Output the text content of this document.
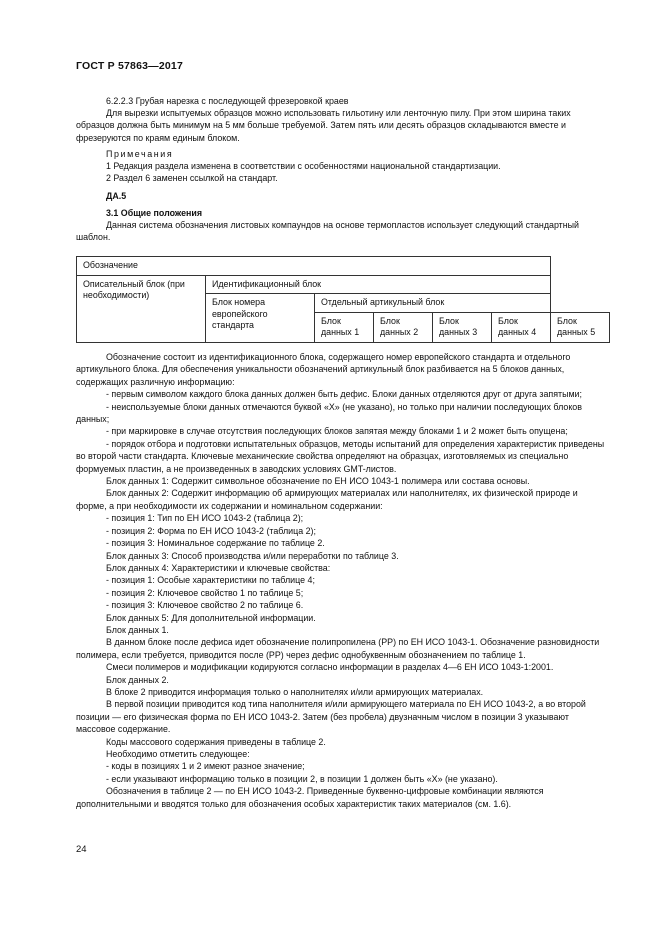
ГОСТ Р 57863—2017

6.2.2.3 Грубая нарезка с последующей фрезеровкой краев

Для вырезки испытуемых образцов можно использовать гильотину или ленточную пилу. При этом ширина таких образцов должна быть минимум на 5 мм больше требуемой. Затем пять или десять образцов складываются вместе и фрезеруются по краям единым блоком.

Примечания

1 Редакция раздела изменена в соответствии с особенностями национальной стандартизации.

2 Раздел 6 заменен ссылкой на стандарт.

ДА.5

3.1 Общие положения

Данная система обозначения листовых компаундов на основе термопластов использует следующий стандартный шаблон.

Обозначение						
Описательный блок (при необходимости)	Идентификационный блок					
	Блок номера европейского стандарта	Отдельный артикульный блок				
		Блок данных 1	Блок данных 2	Блок данных 3	Блок данных 4	Блок данных 5

Обозначение состоит из идентификационного блока, содержащего номер европейского стандарта и отдельного артикульного блока. Для обеспечения уникальности обозначений артикульный блок разбивается на 5 блоков данных, содержащих различную информацию:

- первым символом каждого блока данных должен быть дефис. Блоки данных отделяются друг от друга запятыми;

- неиспользуемые блоки данных отмечаются буквой «X» (не указано), но только при наличии последующих блоков данных;

- при маркировке в случае отсутствия последующих блоков запятая между блоками 1 и 2 может быть опущена;

- порядок отбора и подготовки испытательных образцов, методы испытаний для определения характеристик приведены во второй части стандарта. Ключевые механические свойства определяют на образцах, изготовляемых из специально формуемых пластин, а не произведенных в заводских условиях GMT-листов.

Блок данных 1: Содержит символьное обозначение по ЕН ИСО 1043-1 полимера или состава основы.

Блок данных 2: Содержит информацию об армирующих материалах или наполнителях, их физической природе и форме, а при необходимости их содержании и номинальном содержании:

- позиция 1: Тип по ЕН ИСО 1043-2 (таблица 2);

- позиция 2: Форма по ЕН ИСО 1043-2 (таблица 2);

- позиция 3: Номинальное содержание по таблице 2.

Блок данных 3: Способ производства и/или переработки по таблице 3.

Блок данных 4: Характеристики и ключевые свойства:

- позиция 1: Особые характеристики по таблице 4;

- позиция 2: Ключевое свойство 1 по таблице 5;

- позиция 3: Ключевое свойство 2 по таблице 6.

Блок данных 5: Для дополнительной информации.

Блок данных 1.

В данном блоке после дефиса идет обозначение полипропилена (PP) по ЕН ИСО 1043-1. Обозначение разновидности полимера, если требуется, приводится после (PP) через дефис однобуквенным обозначением по таблице 1.

Смеси полимеров и модификации кодируются согласно информации в разделах 4—6 ЕН ИСО 1043-1:2001.

Блок данных 2.

В блоке 2 приводится информация только о наполнителях и/или армирующих материалах.

В первой позиции приводится код типа наполнителя и/или армирующего материала по ЕН ИСО 1043-2, а во второй позиции — его физическая форма по ЕН ИСО 1043-2. Затем (без пробела) двузначным числом в позиции 3 указывают массовое содержание.

Коды массового содержания приведены в таблице 2.

Необходимо отметить следующее:

- коды в позициях 1 и 2 имеют разное значение;

- если указывают информацию только в позиции 2, в позиции 1 должен быть «X» (не указано).

Обозначения в таблице 2 — по ЕН ИСО 1043-2. Приведенные буквенно-цифровые комбинации являются дополнительными и вводятся только для обозначения особых характеристик таких материалов (см. 1.6).

24
